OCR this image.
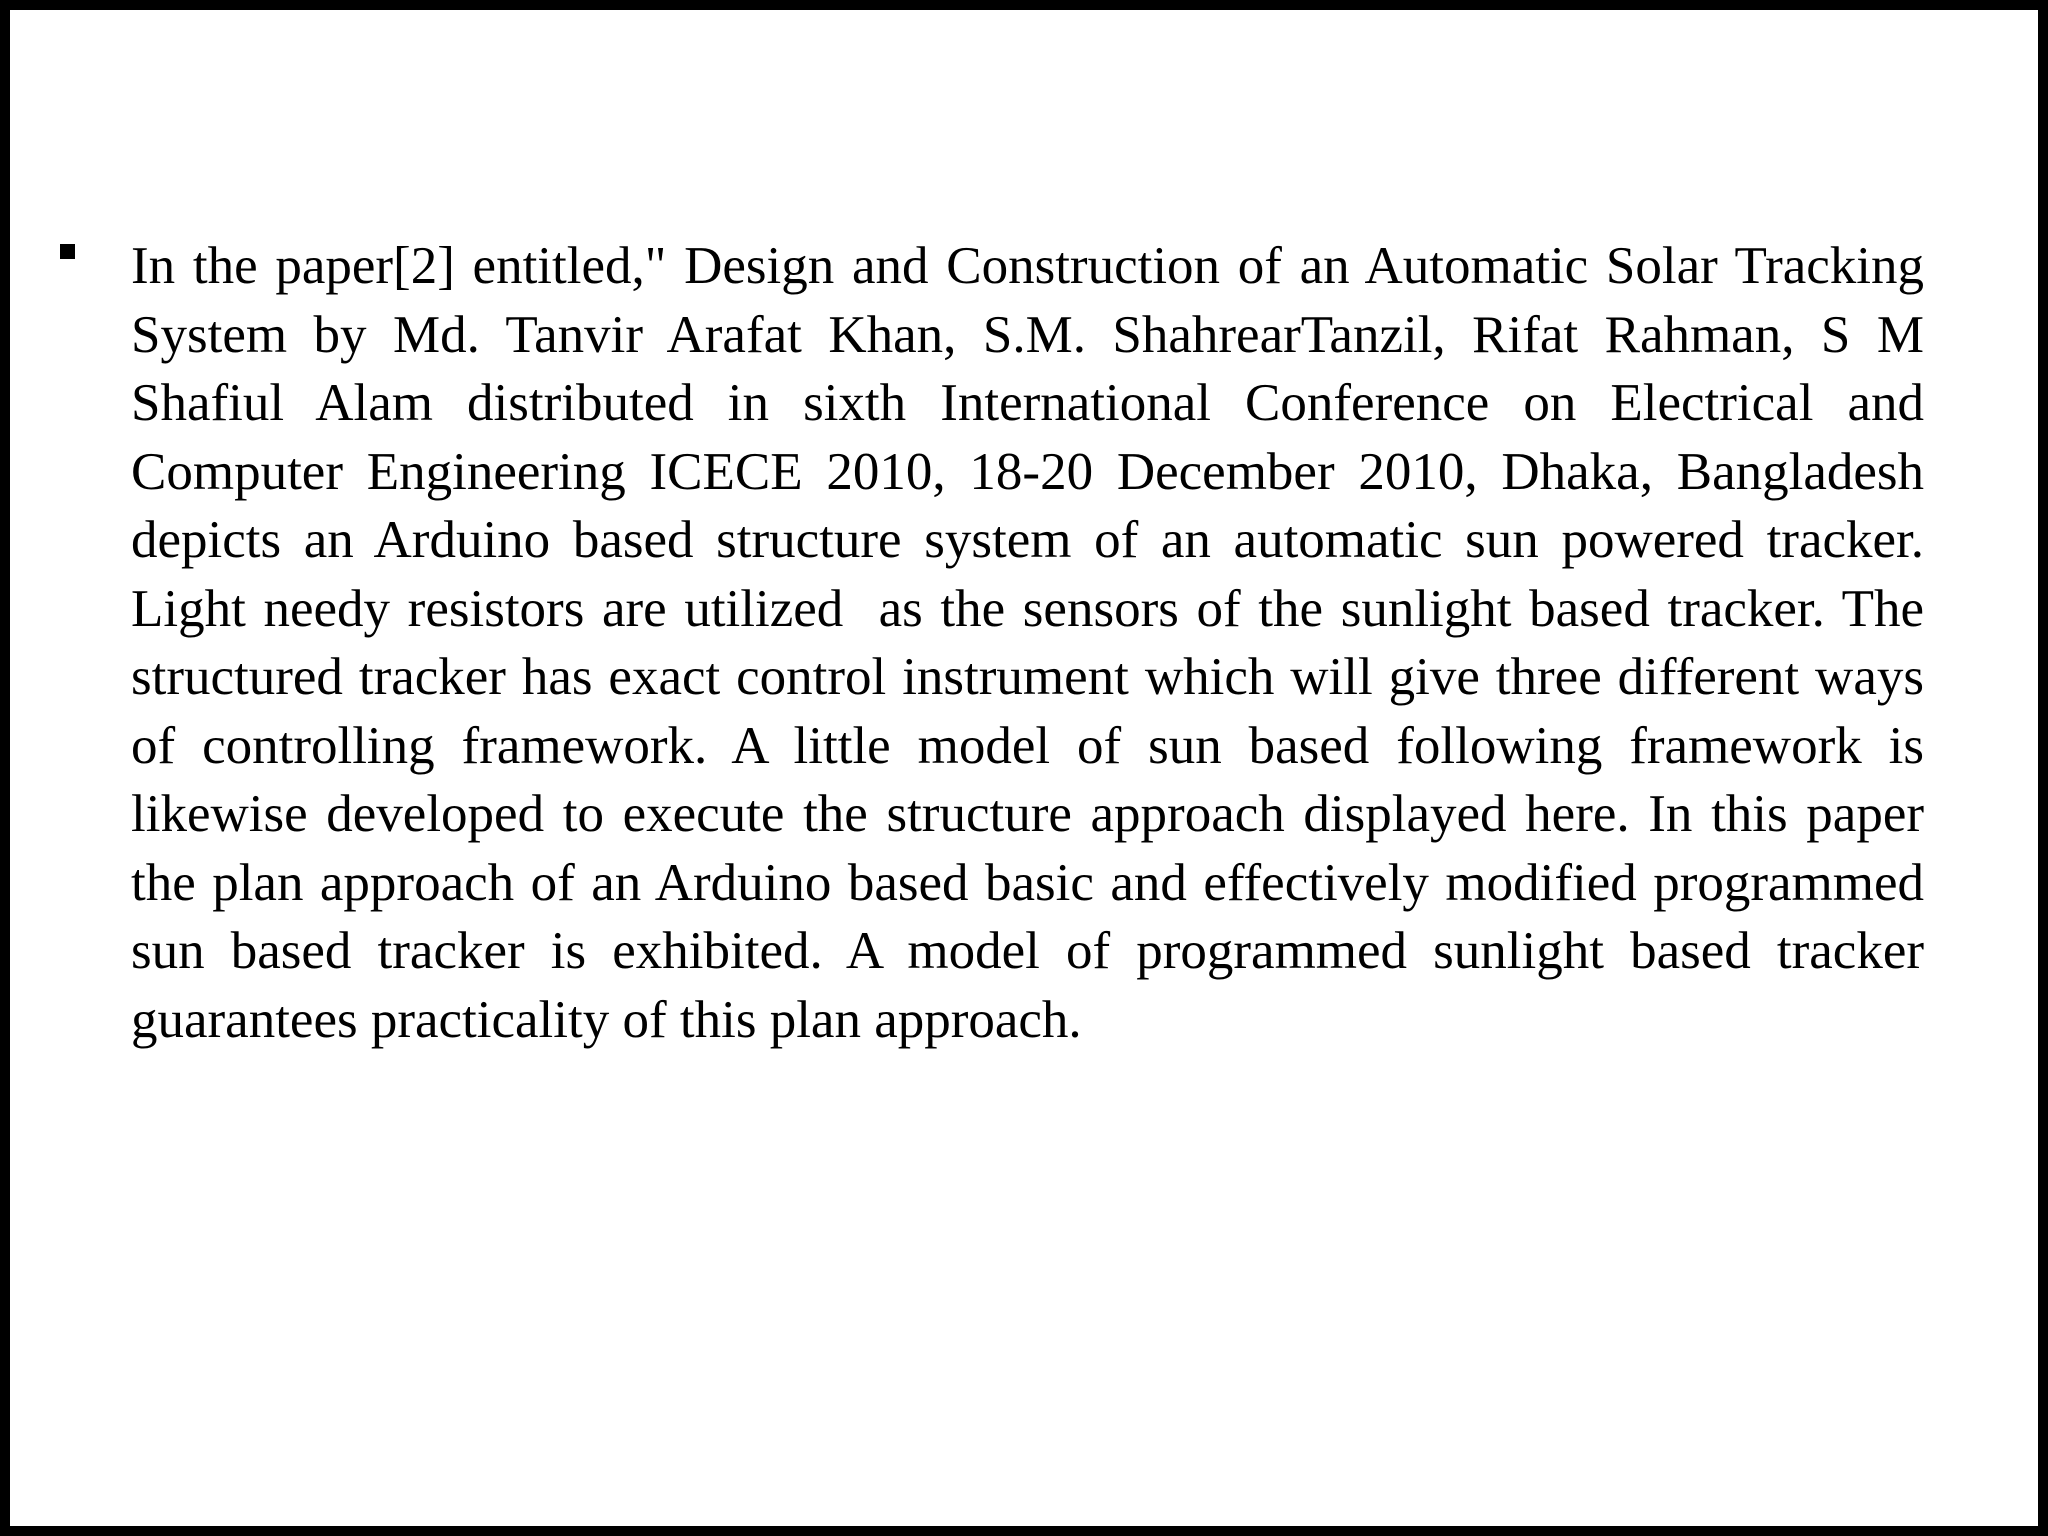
In the paper[2] entitled," Design and Construction of an Automatic Solar Tracking System by Md. Tanvir Arafat Khan, S.M. ShahrearTanzil, Rifat Rahman, S M Shafiul Alam distributed in sixth International Conference on Electrical and Computer Engineering ICECE 2010, 18-20 December 2010, Dhaka, Bangladesh depicts an Arduino based structure system of an automatic sun powered tracker. Light needy resistors are utilized  as the sensors of the sunlight based tracker. The structured tracker has exact control instrument which will give three different ways of controlling framework. A little model of sun based following framework is likewise developed to execute the structure approach displayed here. In this paper the plan approach of an Arduino based basic and effectively modified programmed sun based tracker is exhibited. A model of programmed sunlight based tracker guarantees practicality of this plan approach.
